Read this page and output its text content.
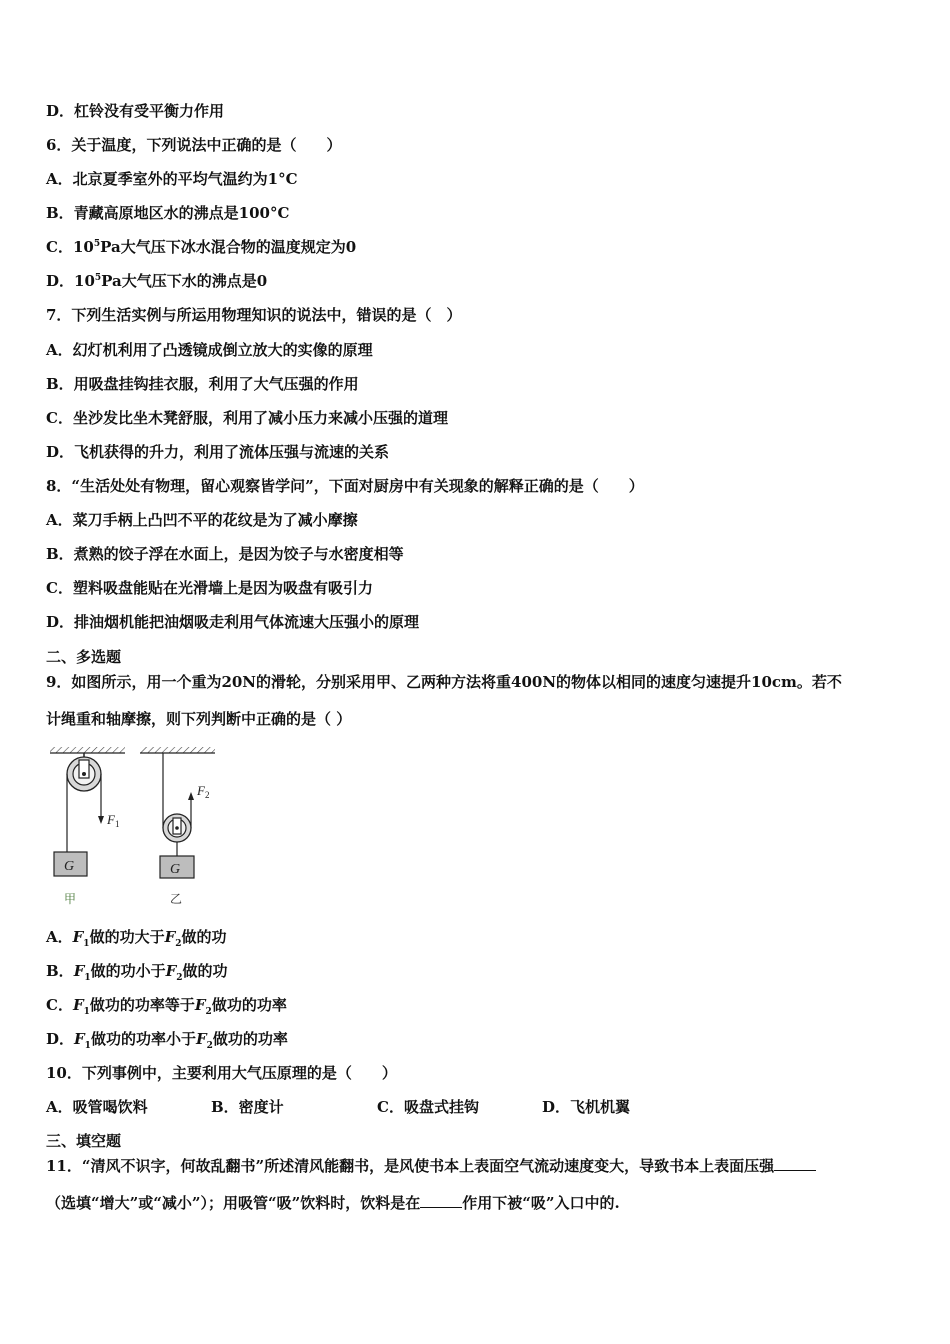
D．杠铃没有受平衡力作用
6．关于温度，下列说法中正确的是（　　）
A．北京夏季室外的平均气温约为1°C
B．青藏高原地区水的沸点是100°C
C．$10^5Pa$大气压下冰水混合物的温度规定为0
D．$10^5Pa$大气压下水的沸点是0
7．下列生活实例与所运用物理知识的说法中，错误的是（　）
A．幻灯机利用了凸透镜成倒立放大的实像的原理
B．用吸盘挂钩挂衣服，利用了大气压强的作用
C．坐沙发比坐木凳舒服，利用了减小压力来减小压强的道理
D．飞机获得的升力，利用了流体压强与流速的关系
8．“生活处处有物理，留心观察皆学问”，下面对厨房中有关现象的解释正确的是（　　）
A．菜刀手柄上凸凹不平的花纹是为了减小摩擦
B．煮熟的饺子浮在水面上，是因为饺子与水密度相等
C．塑料吸盘能贴在光滑墙上是因为吸盘有吸引力
D．排油烟机能把油烟吸走利用气体流速大压强小的原理
二、多选题
9．如图所示，用一个重为20N的滑轮，分别采用甲、乙两种方法将重400N的物体以相同的速度匀速提升10cm。若不
计绳重和轴摩擦，则下列判断中正确的是（ ）
$F_1$
G
甲
$F_2$
G
乙
A．$F_1$做的功大于$F_2$做的功
B．$F_1$做的功小于$F_2$做的功
C．$F_1$做功的功率等于$F_2$做功的功率
D．$F_1$做功的功率小于$F_2$做功的功率
10．下列事例中，主要利用大气压原理的是（　　）
A．吸管喝饮料	B．密度计	C．吸盘式挂钩	D．飞机机翼
三、填空题
11．“清风不识字，何故乱翻书”所述清风能翻书，是风使书本上表面空气流动速度变大，导致书本上表面压强
（选填“增大”或“减小”）；用吸管“吸”饮料时，饮料是在	作用下被“吸”入口中的.
